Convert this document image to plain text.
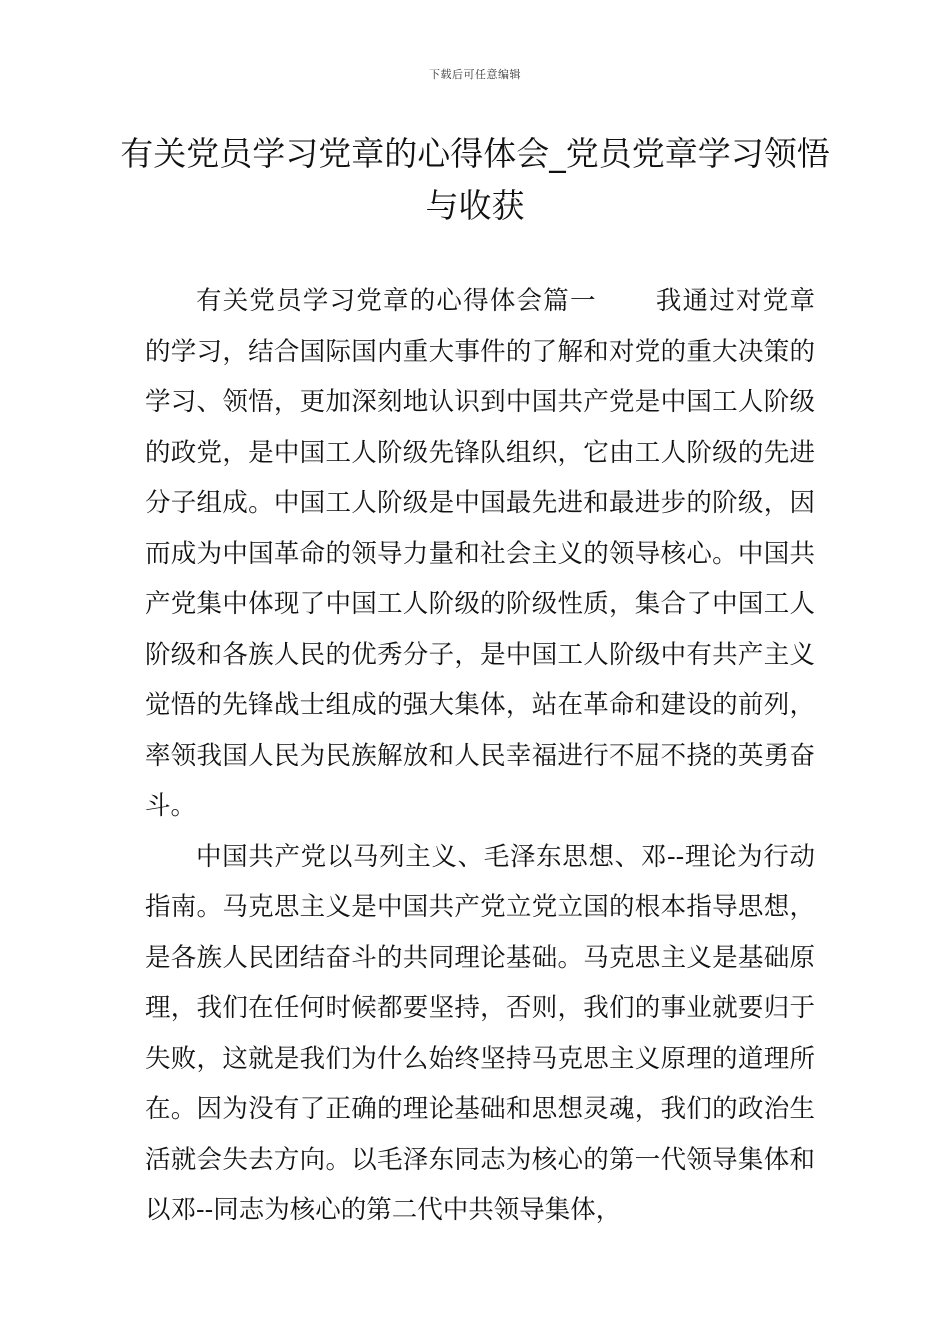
下载后可任意编辑
有关党员学习党章的心得体会_党员党章学习领悟与收获

有关党员学习党章的心得体会篇一 我通过对党章的学习，结合国际国内重大事件的了解和对党的重大决策的学习、领悟，更加深刻地认识到中国共产党是中国工人阶级的政党，是中国工人阶级先锋队组织，它由工人阶级的先进分子组成。中国工人阶级是中国最先进和最进步的阶级，因而成为中国革命的领导力量和社会主义的领导核心。中国共产党集中体现了中国工人阶级的阶级性质，集合了中国工人阶级和各族人民的优秀分子，是中国工人阶级中有共产主义觉悟的先锋战士组成的强大集体，站在革命和建设的前列，率领我国人民为民族解放和人民幸福进行不屈不挠的英勇奋斗。

中国共产党以马列主义、毛泽东思想、邓--理论为行动指南。马克思主义是中国共产党立党立国的根本指导思想，是各族人民团结奋斗的共同理论基础。马克思主义是基础原理，我们在任何时候都要坚持，否则，我们的事业就要归于失败，这就是我们为什么始终坚持马克思主义原理的道理所在。因为没有了正确的理论基础和思想灵魂，我们的政治生活就会失去方向。以毛泽东同志为核心的第一代领导集体和以邓--同志为核心的第二代中共领导集体，
